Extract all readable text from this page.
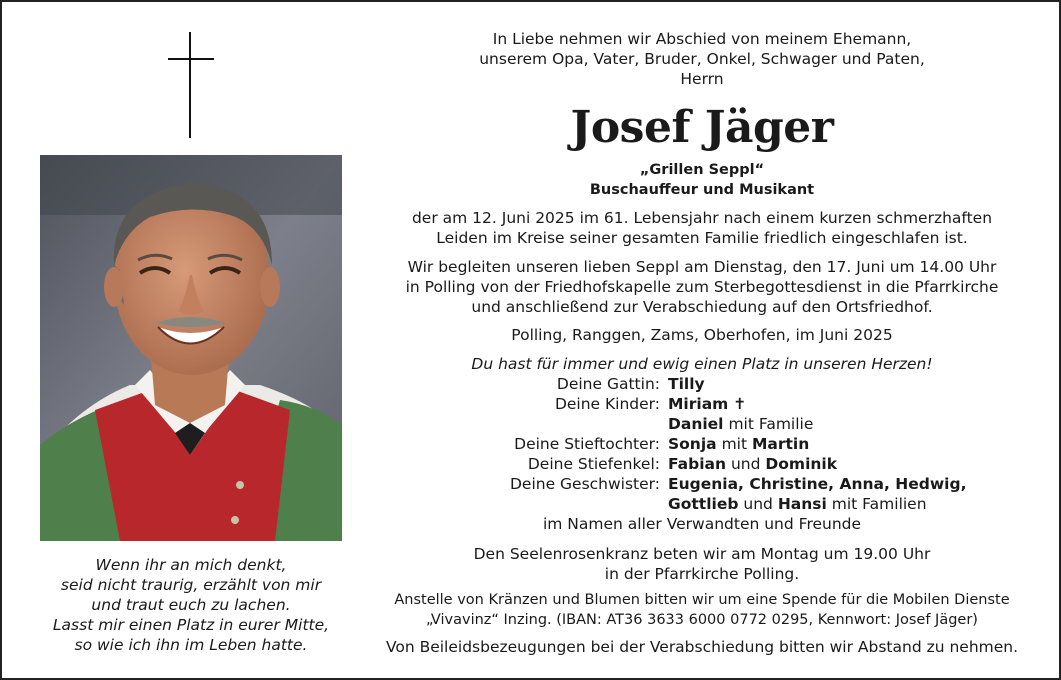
Wenn ihr an mich denkt,
seid nicht traurig, erzählt von mir
und traut euch zu lachen.
Lasst mir einen Platz in eurer Mitte,
so wie ich ihn im Leben hatte.
In Liebe nehmen wir Abschied von meinem Ehemann,
unserem Opa, Vater, Bruder, Onkel, Schwager und Paten,
Herrn
Josef Jäger
„Grillen Seppl“
Buschauffeur und Musikant
der am 12. Juni 2025 im 61. Lebensjahr nach einem kurzen schmerzhaften
Leiden im Kreise seiner gesamten Familie friedlich eingeschlafen ist.
Wir begleiten unseren lieben Seppl am Dienstag, den 17. Juni um 14.00 Uhr
in Polling von der Friedhofskapelle zum Sterbegottesdienst in die Pfarrkirche
und anschließend zur Verabschiedung auf den Ortsfriedhof.
Polling, Ranggen, Zams, Oberhofen, im Juni 2025
Du hast für immer und ewig einen Platz in unseren Herzen!
Deine Gattin: Tilly
Deine Kinder: Miriam ✝
Daniel mit Familie
Deine Stieftochter: Sonja mit Martin
Deine Stiefenkel: Fabian und Dominik
Deine Geschwister: Eugenia, Christine, Anna, Hedwig,
Gottlieb und Hansi mit Familien
im Namen aller Verwandten und Freunde
Den Seelenrosenkranz beten wir am Montag um 19.00 Uhr
in der Pfarrkirche Polling.
Anstelle von Kränzen und Blumen bitten wir um eine Spende für die Mobilen Dienste
„Vivavinz“ Inzing. (IBAN: AT36 3633 6000 0772 0295, Kennwort: Josef Jäger)
Von Beileidsbezeugungen bei der Verabschiedung bitten wir Abstand zu nehmen.
